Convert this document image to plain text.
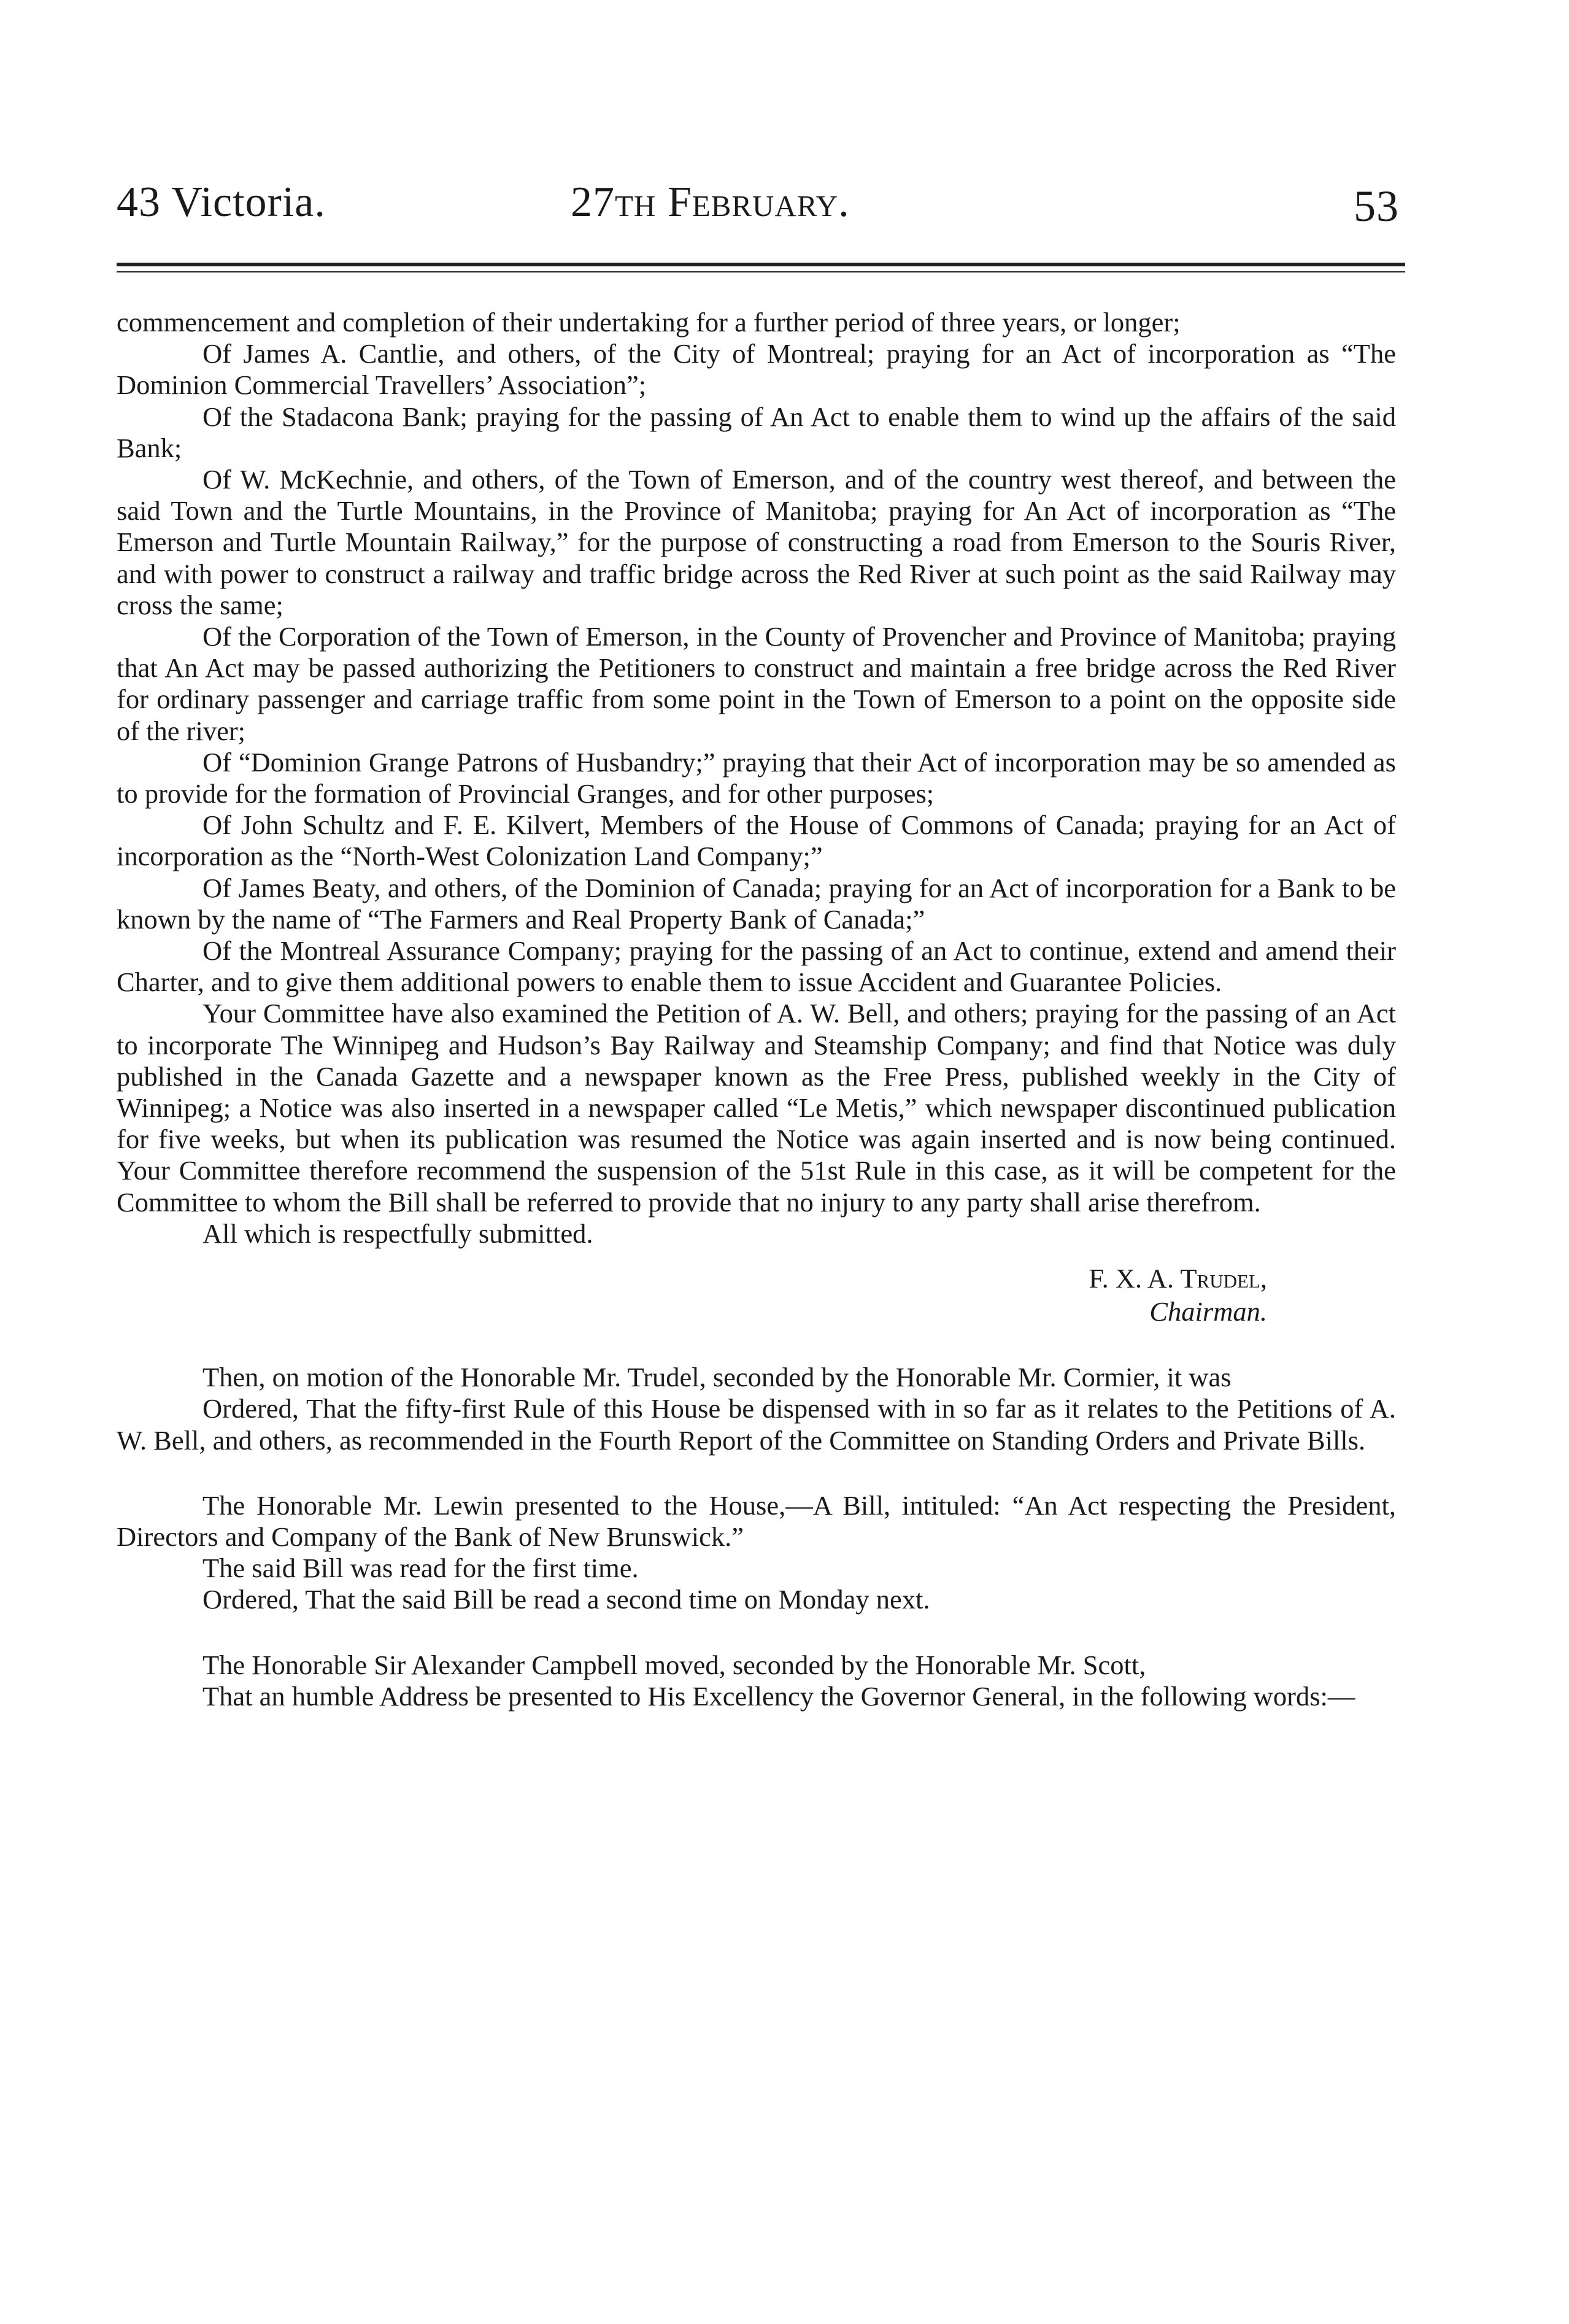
43 Victoria.	27th February.	53

commencement and completion of their undertaking for a further period of three years, or longer;

Of James A. Cantlie, and others, of the City of Montreal; praying for an Act of incorporation as “The Dominion Commercial Travellers’ Association”;

Of the Stadacona Bank; praying for the passing of An Act to enable them to wind up the affairs of the said Bank;

Of W. McKechnie, and others, of the Town of Emerson, and of the country west thereof, and between the said Town and the Turtle Mountains, in the Province of Manitoba; praying for An Act of incorporation as “The Emerson and Turtle Mountain Railway,” for the purpose of constructing a road from Emerson to the Souris River, and with power to construct a railway and traffic bridge across the Red River at such point as the said Railway may cross the same;

Of the Corporation of the Town of Emerson, in the County of Provencher and Province of Manitoba; praying that An Act may be passed authorizing the Petitioners to construct and maintain a free bridge across the Red River for ordinary passenger and carriage traffic from some point in the Town of Emerson to a point on the opposite side of the river;

Of “Dominion Grange Patrons of Husbandry;” praying that their Act of incorporation may be so amended as to provide for the formation of Provincial Granges, and for other purposes;

Of John Schultz and F. E. Kilvert, Members of the House of Commons of Canada; praying for an Act of incorporation as the “North-West Colonization Land Company;”

Of James Beaty, and others, of the Dominion of Canada; praying for an Act of incorporation for a Bank to be known by the name of “The Farmers and Real Property Bank of Canada;”

Of the Montreal Assurance Company; praying for the passing of an Act to continue, extend and amend their Charter, and to give them additional powers to enable them to issue Accident and Guarantee Policies.

Your Committee have also examined the Petition of A. W. Bell, and others; praying for the passing of an Act to incorporate The Winnipeg and Hudson’s Bay Railway and Steamship Company; and find that Notice was duly published in the Canada Gazette and a newspaper known as the Free Press, published weekly in the City of Winnipeg; a Notice was also inserted in a newspaper called “Le Metis,” which newspaper discontinued publication for five weeks, but when its publication was resumed the Notice was again inserted and is now being continued. Your Committee therefore recommend the suspension of the 51st Rule in this case, as it will be competent for the Committee to whom the Bill shall be referred to provide that no injury to any party shall arise therefrom.

All which is respectfully submitted.

F. X. A. Trudel,
Chairman.

Then, on motion of the Honorable Mr. Trudel, seconded by the Honorable Mr. Cormier, it was

Ordered, That the fifty-first Rule of this House be dispensed with in so far as it relates to the Petitions of A. W. Bell, and others, as recommended in the Fourth Report of the Committee on Standing Orders and Private Bills.

The Honorable Mr. Lewin presented to the House,—A Bill, intituled: “An Act respecting the President, Directors and Company of the Bank of New Brunswick.”

The said Bill was read for the first time.

Ordered, That the said Bill be read a second time on Monday next.

The Honorable Sir Alexander Campbell moved, seconded by the Honorable Mr. Scott,

That an humble Address be presented to His Excellency the Governor General, in the following words:—
